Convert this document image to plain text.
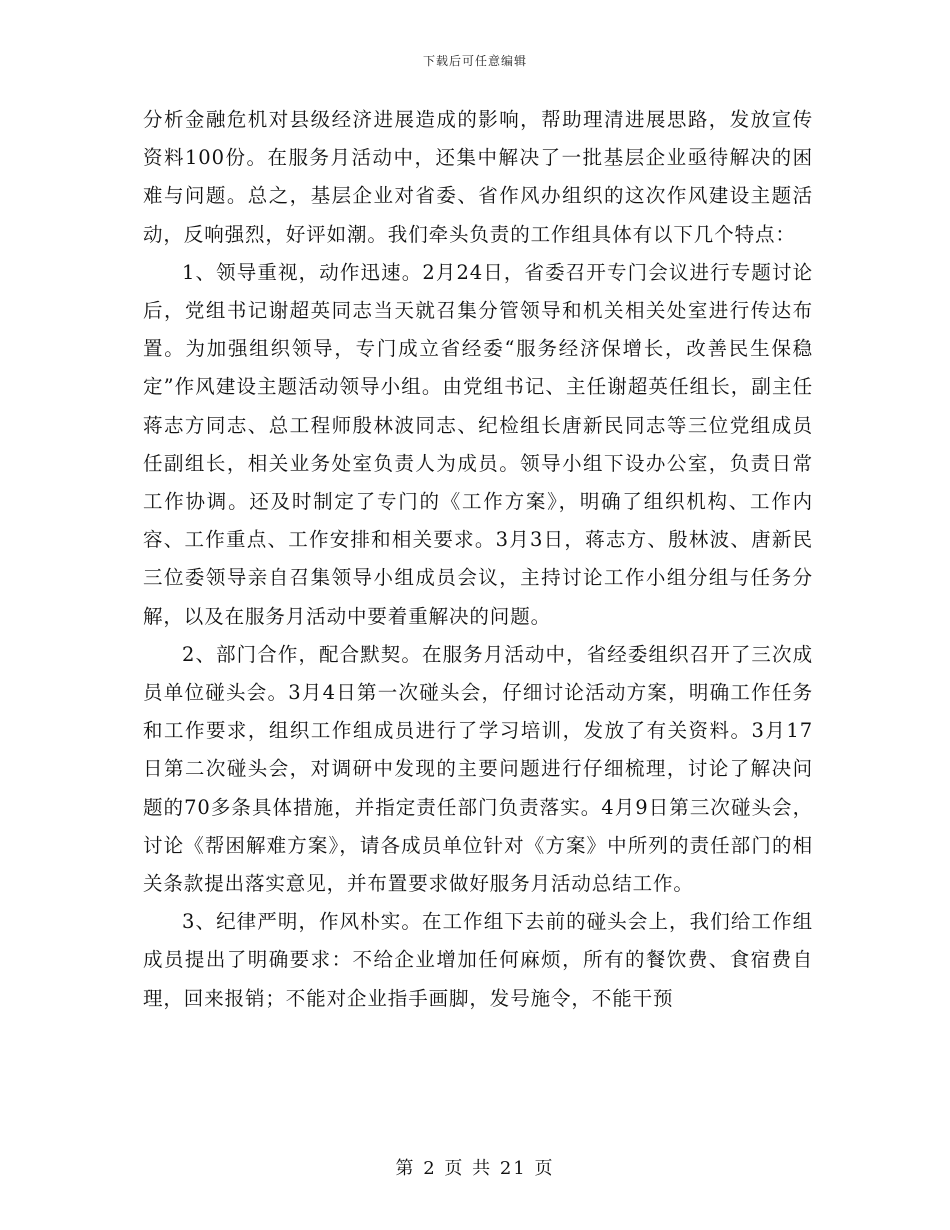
下载后可任意编辑

分析金融危机对县级经济进展造成的影响，帮助理清进展思路，发放宣传资料100份。在服务月活动中，还集中解决了一批基层企业亟待解决的困难与问题。总之，基层企业对省委、省作风办组织的这次作风建设主题活动，反响强烈，好评如潮。我们牵头负责的工作组具体有以下几个特点：

1、领导重视，动作迅速。2月24日，省委召开专门会议进行专题讨论后，党组书记谢超英同志当天就召集分管领导和机关相关处室进行传达布置。为加强组织领导，专门成立省经委“服务经济保增长，改善民生保稳定”作风建设主题活动领导小组。由党组书记、主任谢超英任组长，副主任蒋志方同志、总工程师殷林波同志、纪检组长唐新民同志等三位党组成员任副组长，相关业务处室负责人为成员。领导小组下设办公室，负责日常工作协调。还及时制定了专门的《工作方案》，明确了组织机构、工作内容、工作重点、工作安排和相关要求。3月3日，蒋志方、殷林波、唐新民三位委领导亲自召集领导小组成员会议，主持讨论工作小组分组与任务分解，以及在服务月活动中要着重解决的问题。

2、部门合作，配合默契。在服务月活动中，省经委组织召开了三次成员单位碰头会。3月4日第一次碰头会，仔细讨论活动方案，明确工作任务和工作要求，组织工作组成员进行了学习培训，发放了有关资料。3月17日第二次碰头会，对调研中发现的主要问题进行仔细梳理，讨论了解决问题的70多条具体措施，并指定责任部门负责落实。4月9日第三次碰头会，讨论《帮困解难方案》，请各成员单位针对《方案》中所列的责任部门的相关条款提出落实意见，并布置要求做好服务月活动总结工作。

3、纪律严明，作风朴实。在工作组下去前的碰头会上，我们给工作组成员提出了明确要求：不给企业增加任何麻烦，所有的餐饮费、食宿费自理，回来报销；不能对企业指手画脚，发号施令，不能干预

第 2 页 共 21 页
